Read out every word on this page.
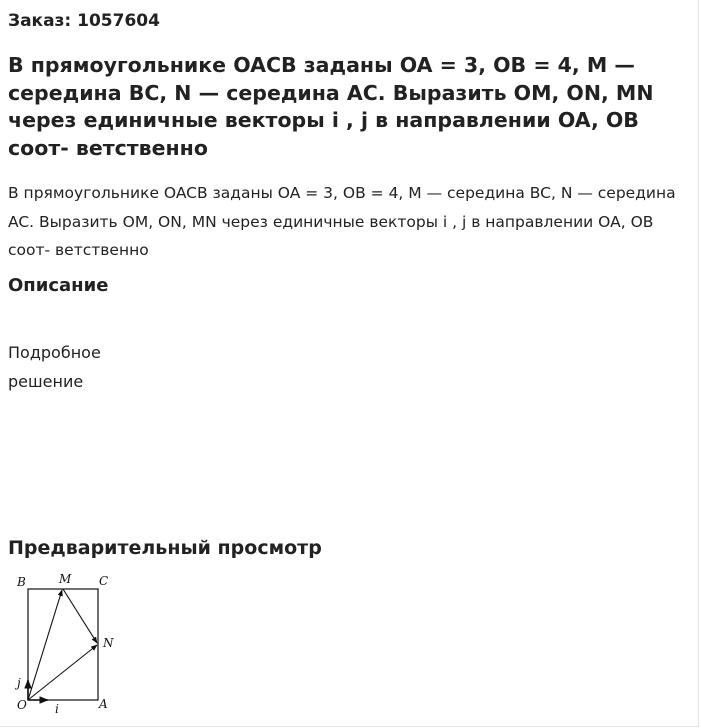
Заказ: 1057604
В прямоугольнике OACB заданы OA = 3, OB = 4, M — середина BC, N — середина AC. Выразить OM, ON, MN через единичные векторы i , j в направлении OA, OB соот- ветственно

В прямоугольнике OACB заданы OA = 3, OB = 4, M — середина BC, N — середина AC. Выразить OM, ON, MN через единичные векторы i , j в направлении OA, OB соот- ветственно

Описание
Подробное решение
Предварительный просмотр
B	M C
N
j
O i	A
